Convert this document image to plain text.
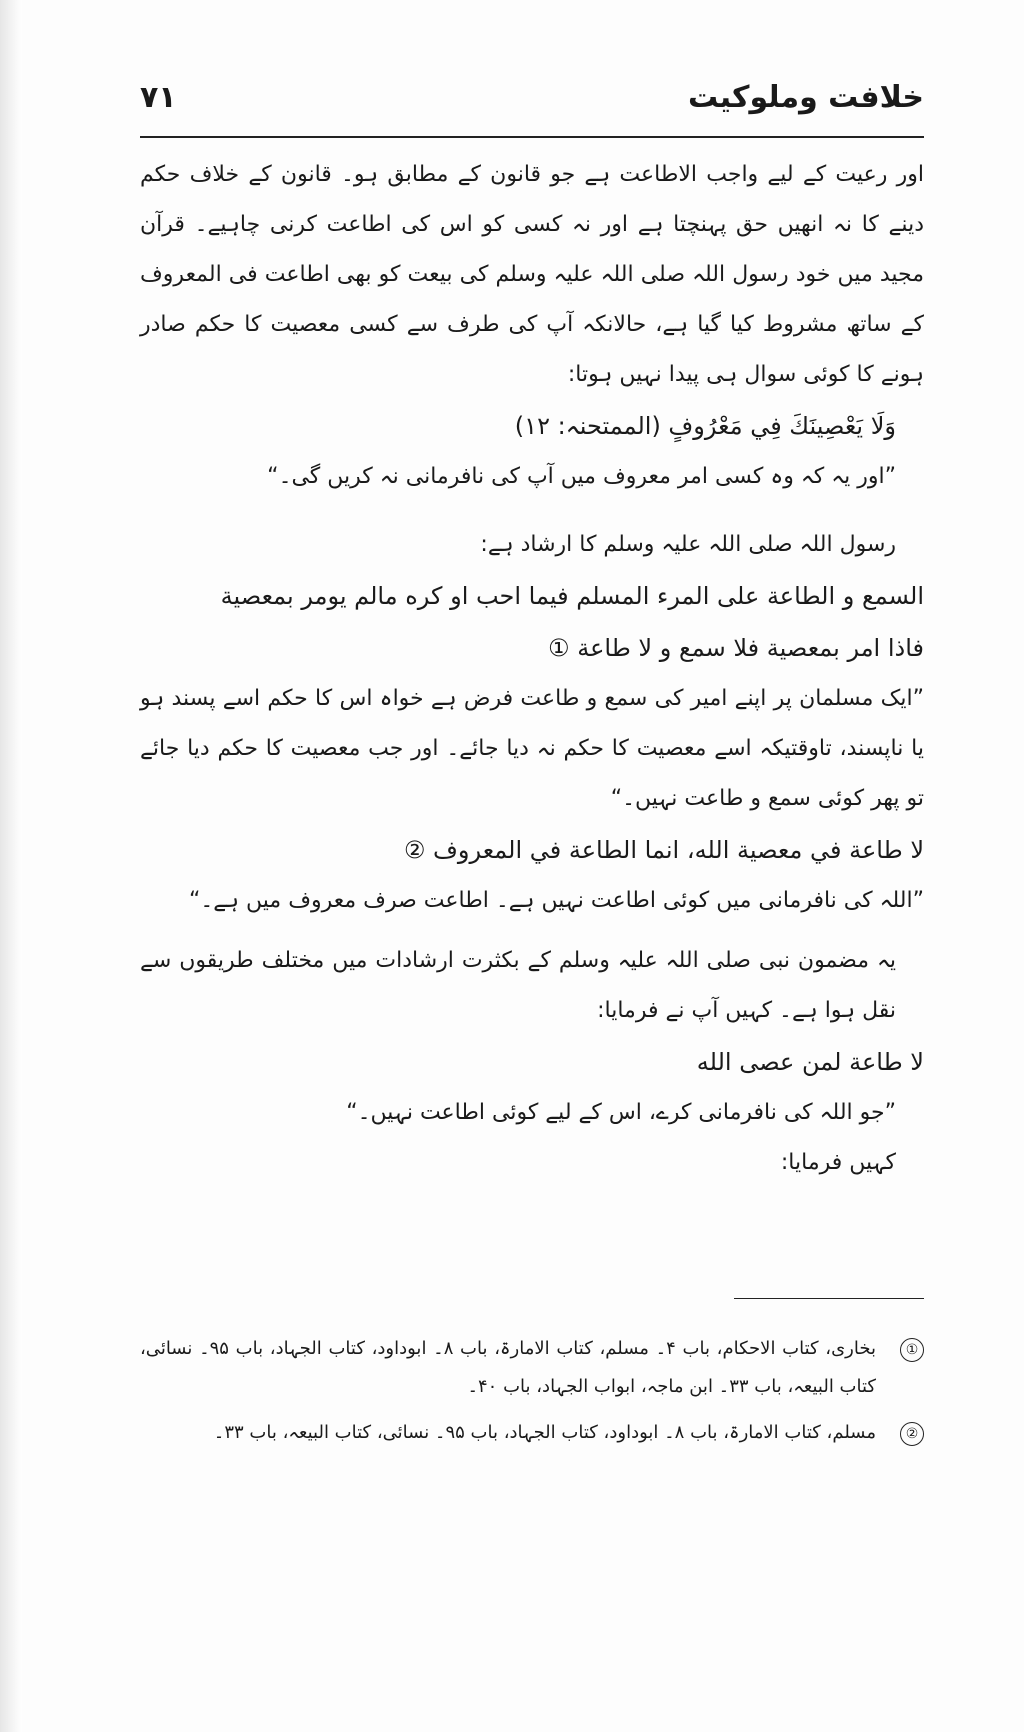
خلافت وملوکیت
۷۱

اور رعیت کے لیے واجب الاطاعت ہے جو قانون کے مطابق ہو۔ قانون کے خلاف حکم دینے کا نہ انھیں حق پہنچتا ہے اور نہ کسی کو اس کی اطاعت کرنی چاہیے۔ قرآن مجید میں خود رسول اللہ صلی اللہ علیہ وسلم کی بیعت کو بھی اطاعت فی المعروف کے ساتھ مشروط کیا گیا ہے، حالانکہ آپ کی طرف سے کسی معصیت کا حکم صادر ہونے کا کوئی سوال ہی پیدا نہیں ہوتا:

وَلَا يَعْصِينَكَ فِي مَعْرُوفٍ (الممتحنہ: ۱۲)

”اور یہ کہ وہ کسی امر معروف میں آپ کی نافرمانی نہ کریں گی۔“

رسول اللہ صلی اللہ علیہ وسلم کا ارشاد ہے:

السمع و الطاعة على المرء المسلم فيما احب او كره مالم يومر بمعصية

فاذا امر بمعصية فلا سمع و لا طاعة ①

”ایک مسلمان پر اپنے امیر کی سمع و طاعت فرض ہے خواہ اس کا حکم اسے پسند ہو یا ناپسند، تاوقتیکہ اسے معصیت کا حکم نہ دیا جائے۔ اور جب معصیت کا حکم دیا جائے تو پھر کوئی سمع و طاعت نہیں۔“

لا طاعة في معصية الله، انما الطاعة في المعروف ②

”اللہ کی نافرمانی میں کوئی اطاعت نہیں ہے۔ اطاعت صرف معروف میں ہے۔“

یہ مضمون نبی صلی اللہ علیہ وسلم کے بکثرت ارشادات میں مختلف طریقوں سے نقل ہوا ہے۔ کہیں آپ نے فرمایا:

لا طاعة لمن عصى الله

”جو اللہ کی نافرمانی کرے، اس کے لیے کوئی اطاعت نہیں۔“

کہیں فرمایا:

①
بخاری، کتاب الاحکام، باب ۴۔ مسلم، کتاب الامارۃ، باب ۸۔ ابوداود، کتاب الجہاد، باب ۹۵۔ نسائی، کتاب البیعہ، باب ۳۳۔ ابن ماجہ، ابواب الجہاد، باب ۴۰۔
②
مسلم، کتاب الامارۃ، باب ۸۔ ابوداود، کتاب الجہاد، باب ۹۵۔ نسائی، کتاب البیعہ، باب ۳۳۔
